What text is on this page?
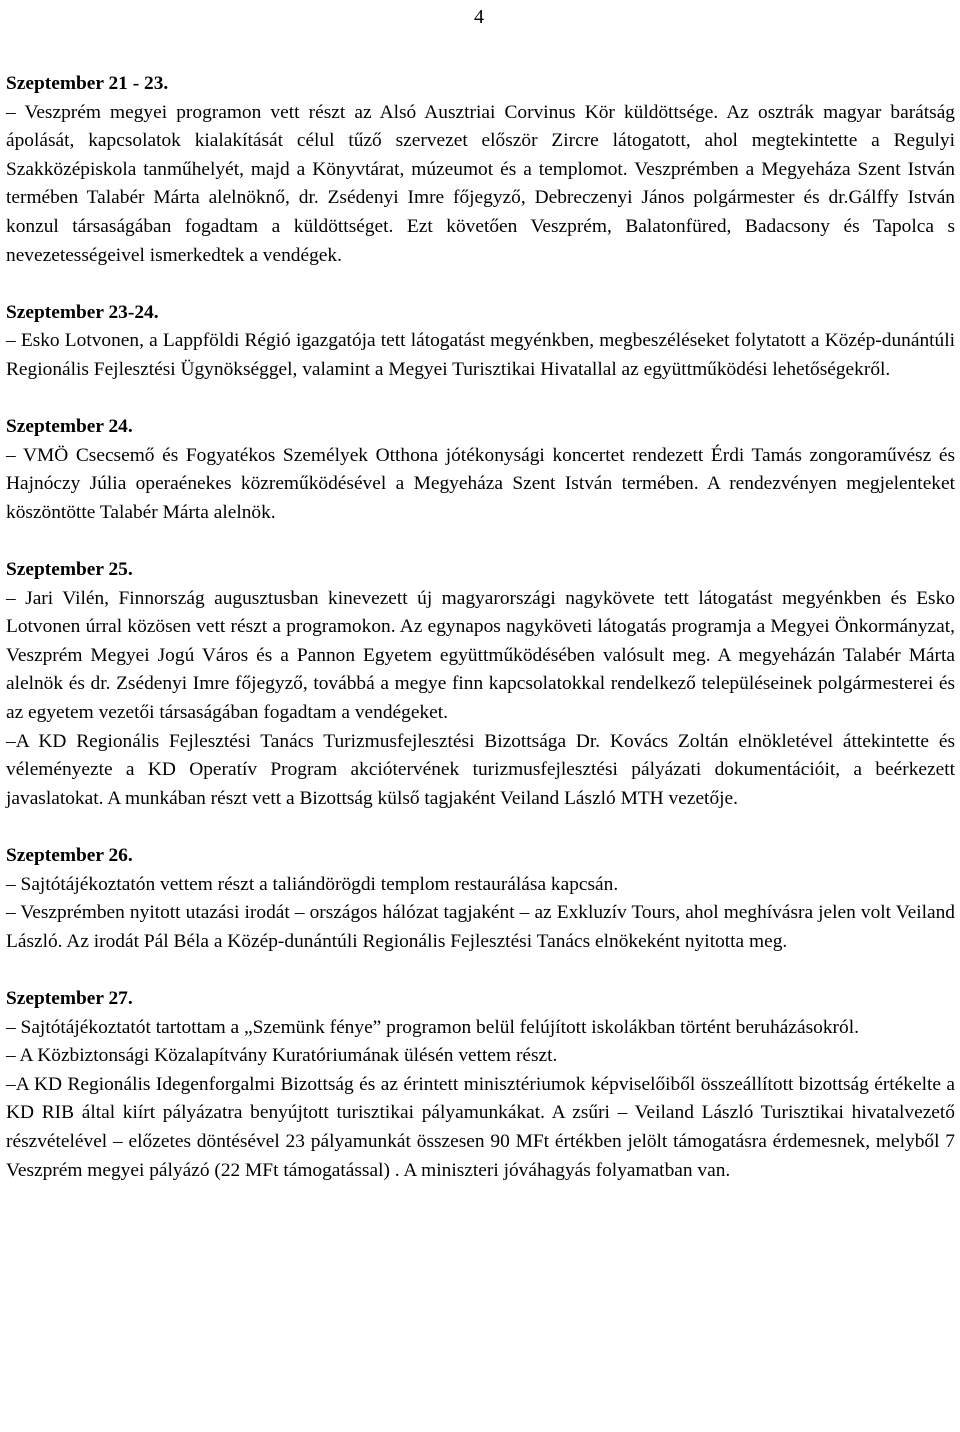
4

Szeptember 21 - 23.

– Veszprém megyei programon vett részt az Alsó Ausztriai Corvinus Kör küldöttsége. Az osztrák magyar barátság ápolását, kapcsolatok kialakítását célul tűző szervezet először Zircre látogatott, ahol megtekintette a Regulyi Szakközépiskola tanműhelyét, majd a Könyvtárat, múzeumot és a templomot. Veszprémben a Megyeháza Szent István termében Talabér Márta alelnöknő, dr. Zsédenyi Imre főjegyző, Debreczenyi János polgármester és dr.Gálffy István konzul társaságában fogadtam a küldöttséget. Ezt követően Veszprém, Balatonfüred, Badacsony és Tapolca s nevezetességeivel ismerkedtek a vendégek.

Szeptember 23-24.

– Esko Lotvonen, a Lappföldi Régió igazgatója tett látogatást megyénkben, megbeszéléseket folytatott a Közép-dunántúli Regionális Fejlesztési Ügynökséggel, valamint a Megyei Turisztikai Hivatallal az együttműködési lehetőségekről.

Szeptember 24.

– VMÖ Csecsemő és Fogyatékos Személyek Otthona jótékonysági koncertet rendezett Érdi Tamás zongoraművész és Hajnóczy Júlia operaénekes közreműködésével a Megyeháza Szent István termében. A rendezvényen megjelenteket köszöntötte Talabér Márta alelnök.

Szeptember 25.

– Jari Vilén, Finnország augusztusban kinevezett új magyarországi nagykövete tett látogatást megyénkben és Esko Lotvonen úrral közösen vett részt a programokon. Az egynapos nagyköveti látogatás programja a Megyei Önkormányzat, Veszprém Megyei Jogú Város és a Pannon Egyetem együttműködésében valósult meg. A megyeházán Talabér Márta alelnök és dr. Zsédenyi Imre főjegyző, továbbá a megye finn kapcsolatokkal rendelkező településeinek polgármesterei és az egyetem vezetői társaságában fogadtam a vendégeket.

–A KD Regionális Fejlesztési Tanács Turizmusfejlesztési Bizottsága Dr. Kovács Zoltán elnökletével áttekintette és véleményezte a KD Operatív Program akciótervének turizmusfejlesztési pályázati dokumentációit, a beérkezett javaslatokat. A munkában részt vett a Bizottság külső tagjaként Veiland László MTH vezetője.

Szeptember 26.

– Sajtótájékoztatón vettem részt a taliándörögdi templom restaurálása kapcsán.

– Veszprémben nyitott utazási irodát – országos hálózat tagjaként – az Exkluzív Tours, ahol meghívásra jelen volt Veiland László. Az irodát Pál Béla a Közép-dunántúli Regionális Fejlesztési Tanács elnökeként nyitotta meg.

Szeptember 27.

– Sajtótájékoztatót tartottam a „Szemünk fénye” programon belül felújított iskolákban történt beruházásokról.

– A Közbiztonsági Közalapítvány Kuratóriumának ülésén vettem részt.

–A KD Regionális Idegenforgalmi Bizottság és az érintett minisztériumok képviselőiből összeállított bizottság értékelte a KD RIB által kiírt pályázatra benyújtott turisztikai pályamunkákat. A zsűri – Veiland László Turisztikai hivatalvezető részvételével – előzetes döntésével 23 pályamunkát összesen 90 MFt értékben jelölt támogatásra érdemesnek, melyből 7 Veszprém megyei pályázó (22 MFt támogatással) . A miniszteri jóváhagyás folyamatban van.
